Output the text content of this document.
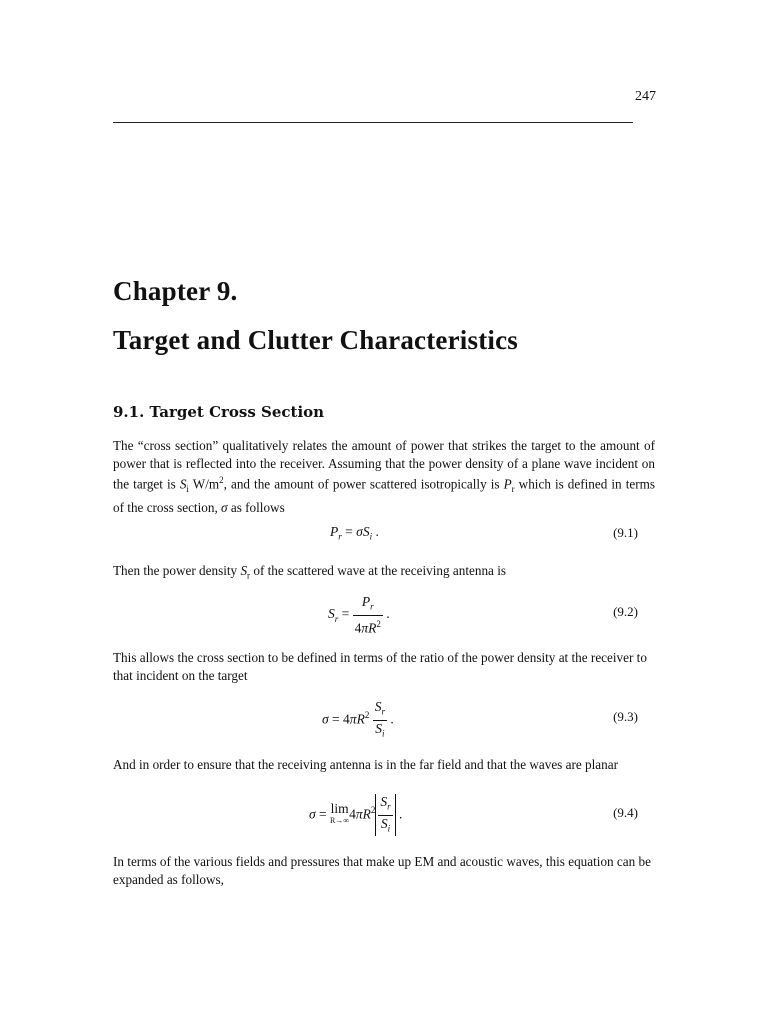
247
Chapter 9.
Target and Clutter Characteristics
9.1. Target Cross Section
The “cross section” qualitatively relates the amount of power that strikes the target to the amount of power that is reflected into the receiver. Assuming that the power density of a plane wave incident on the target is $S_i$ $W/m^2$, and the amount of power scattered isotropically is $P_r$ which is defined in terms of the cross section, σ as follows
$P_r = \sigma S_i$ .	(9.1)
Then the power density $S_r$ of the scattered wave at the receiving antenna is
$S_r = \frac{P_r}{4\pi R^2}$ .	(9.2)
This allows the cross section to be defined in terms of the ratio of the power density at the receiver to that incident on the target
$\sigma = 4\pi R^2 \frac{S_r}{S_i}$ .	(9.3)
And in order to ensure that the receiving antenna is in the far field and that the waves are planar
σ = lim
R→∞ $4\pi R^2 \frac{S_r}{S_i}$ .	(9.4)
In terms of the various fields and pressures that make up EM and acoustic waves, this equation can be expanded as follows,
